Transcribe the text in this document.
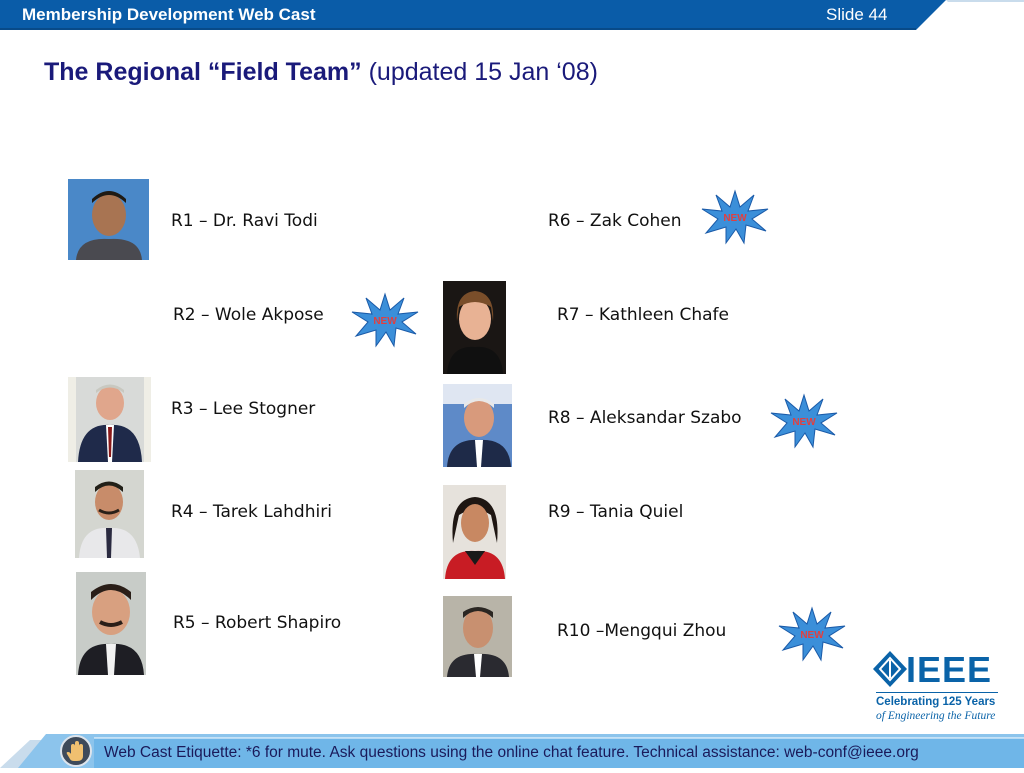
Membership Development Web Cast	Slide 44
The Regional “Field Team” (updated 15 Jan ‘08)
R1 – Dr. Ravi Todi
R2 – Wole Akpose
R3 – Lee Stogner
R4 – Tarek Lahdhiri
R5 – Robert Shapiro
R6 – Zak Cohen
R7 – Kathleen Chafe
R8 – Aleksandar Szabo
R9 – Tania Quiel
R10 –Mengqui Zhou
NEW
NEW
NEW
NEW
IEEE
Celebrating 125 Years
of Engineering the Future
Web Cast Etiquette: *6 for mute. Ask questions using the online chat feature. Technical assistance: web-conf@ieee.org
